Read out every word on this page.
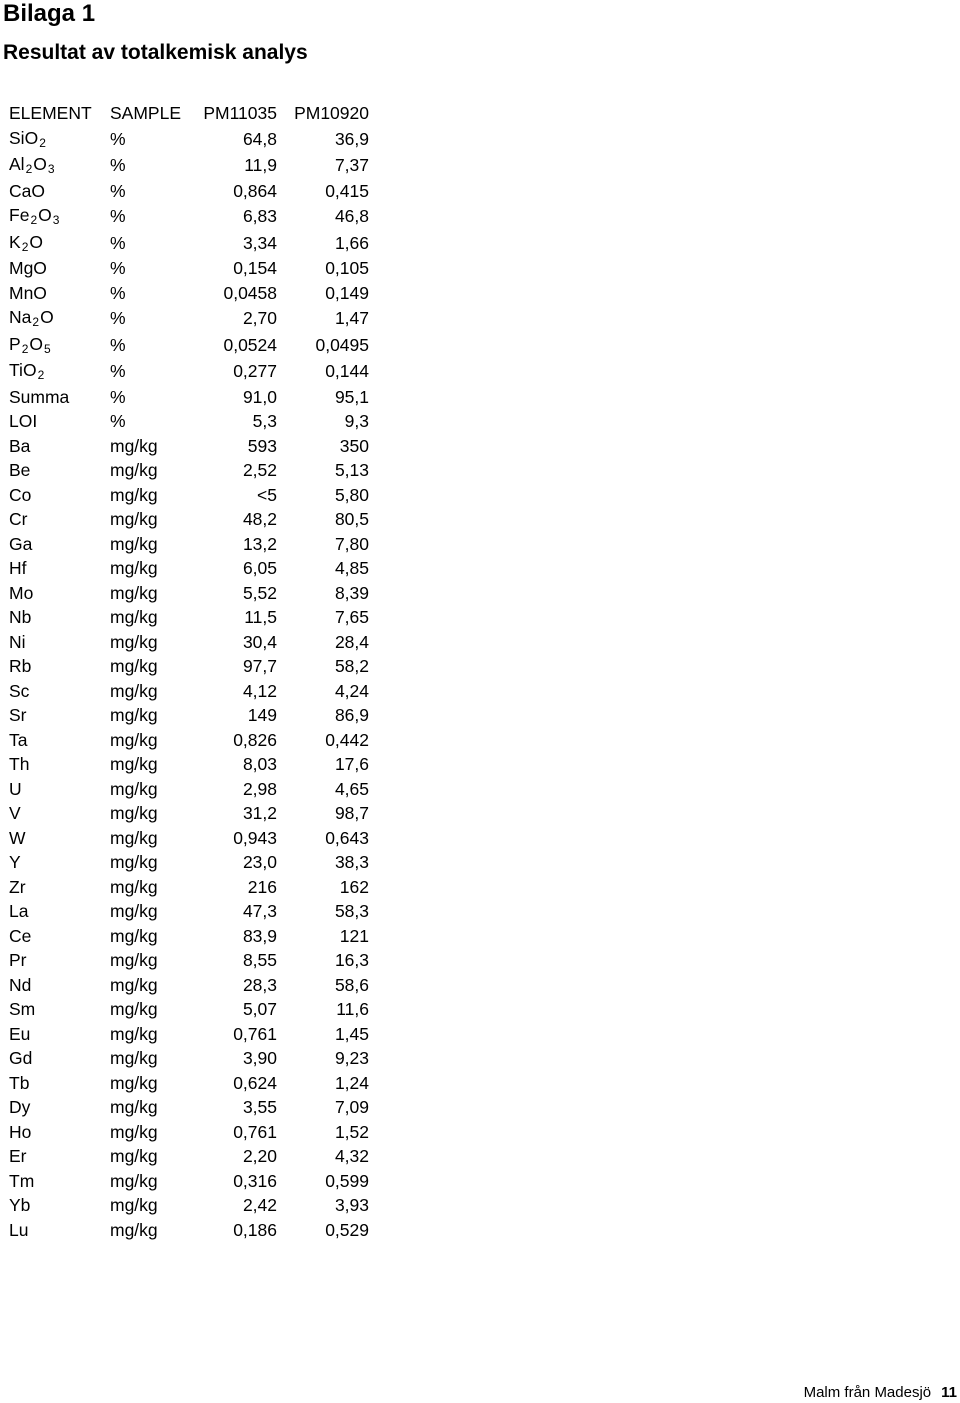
Bilaga 1
Resultat av totalkemisk analys
ELEMENT	SAMPLE	PM11035	PM10920
SiO$_2$	%	64,8	36,9
$Al_2O_3$	%	11,9	7,37
CaO	%	0,864	0,415
$Fe_2O_3$	%	6,83	46,8
$K_2O$	%	3,34	1,66
MgO	%	0,154	0,105
MnO	%	0,0458	0,149
$Na_2O$	%	2,70	1,47
$P_2O_5$	%	0,0524	0,0495
TiO$_2$	%	0,277	0,144
Summa	%	91,0	95,1
LOI	%	5,3	9,3
Ba	mg/kg	593	350
Be	mg/kg	2,52	5,13
Co	mg/kg	<5	5,80
Cr	mg/kg	48,2	80,5
Ga	mg/kg	13,2	7,80
Hf	mg/kg	6,05	4,85
Mo	mg/kg	5,52	8,39
Nb	mg/kg	11,5	7,65
Ni	mg/kg	30,4	28,4
Rb	mg/kg	97,7	58,2
Sc	mg/kg	4,12	4,24
Sr	mg/kg	149	86,9
Ta	mg/kg	0,826	0,442
Th	mg/kg	8,03	17,6
U	mg/kg	2,98	4,65
V	mg/kg	31,2	98,7
W	mg/kg	0,943	0,643
Y	mg/kg	23,0	38,3
Zr	mg/kg	216	162
La	mg/kg	47,3	58,3
Ce	mg/kg	83,9	121
Pr	mg/kg	8,55	16,3
Nd	mg/kg	28,3	58,6
Sm	mg/kg	5,07	11,6
Eu	mg/kg	0,761	1,45
Gd	mg/kg	3,90	9,23
Tb	mg/kg	0,624	1,24
Dy	mg/kg	3,55	7,09
Ho	mg/kg	0,761	1,52
Er	mg/kg	2,20	4,32
Tm	mg/kg	0,316	0,599
Yb	mg/kg	2,42	3,93
Lu	mg/kg	0,186	0,529
Malm från Madesjö 11
